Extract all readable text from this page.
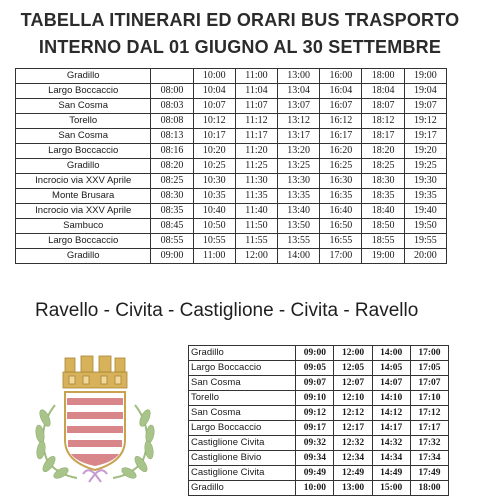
TABELLA ITINERARI ED ORARI BUS TRASPORTO
INTERNO DAL 01 GIUGNO AL 30 SETTEMBRE
Gradillo		10:00	11:00	13:00	16:00	18:00	19:00
Largo Boccaccio	08:00	10:04	11:04	13:04	16:04	18:04	19:04
San Cosma	08:03	10:07	11:07	13:07	16:07	18:07	19:07
Torello	08:08	10:12	11:12	13:12	16:12	18:12	19:12
San Cosma	08:13	10:17	11:17	13:17	16:17	18:17	19:17
Largo Boccaccio	08:16	10:20	11:20	13:20	16:20	18:20	19:20
Gradillo	08:20	10:25	11:25	13:25	16:25	18:25	19:25
Incrocio via XXV Aprile	08:25	10:30	11:30	13:30	16:30	18:30	19:30
Monte Brusara	08:30	10:35	11:35	13:35	16:35	18:35	19:35
Incrocio via XXV Aprile	08:35	10:40	11:40	13:40	16:40	18:40	19:40
Sambuco	08:45	10:50	11:50	13:50	16:50	18:50	19:50
Largo Boccaccio	08:55	10:55	11:55	13:55	16:55	18:55	19:55
Gradillo	09:00	11:00	12:00	14:00	17:00	19:00	20:00
Ravello - Civita - Castiglione - Civita - Ravello
Gradillo	09:00	12:00	14:00	17:00
Largo Boccaccio	09:05	12:05	14:05	17:05
San Cosma	09:07	12:07	14:07	17:07
Torello	09:10	12:10	14:10	17:10
San Cosma	09:12	12:12	14:12	17:12
Largo Boccaccio	09:17	12:17	14:17	17:17
Castiglione Civita	09:32	12:32	14:32	17:32
Castiglione Bivio	09:34	12:34	14:34	17:34
Castiglione Civita	09:49	12:49	14:49	17:49
Gradillo	10:00	13:00	15:00	18:00
